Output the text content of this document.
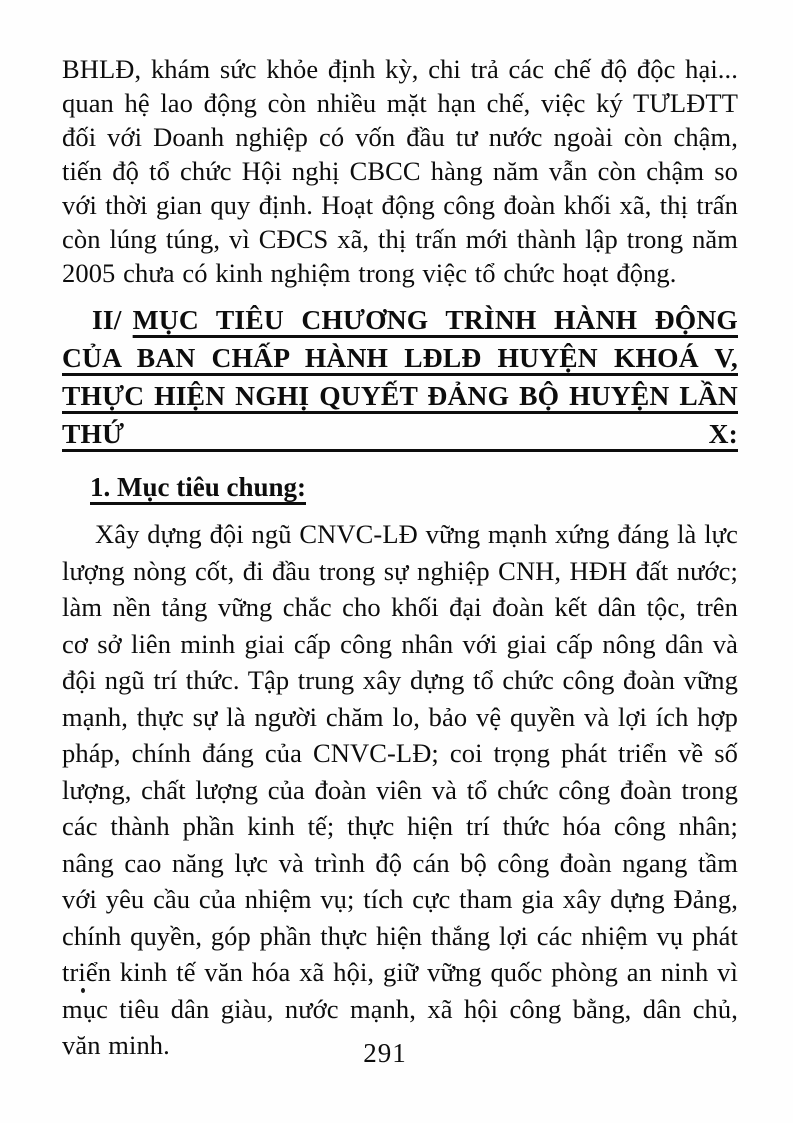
BHLĐ, khám sức khỏe định kỳ, chi trả các chế độ độc hại... quan hệ lao động còn nhiều mặt hạn chế, việc ký TƯLĐTT đối với Doanh nghiệp có vốn đầu tư nước ngoài còn chậm, tiến độ tổ chức Hội nghị CBCC hàng năm vẫn còn chậm so với thời gian quy định. Hoạt động công đoàn khối xã, thị trấn còn lúng túng, vì CĐCS xã, thị trấn mới thành lập trong năm 2005 chưa có kinh nghiệm trong việc tổ chức hoạt động.

II/ MỤC TIÊU CHƯƠNG TRÌNH HÀNH ĐỘNG CỦA BAN CHẤP HÀNH LĐLĐ HUYỆN KHOÁ V, THỰC HIỆN NGHỊ QUYẾT ĐẢNG BỘ HUYỆN LẦN THỨ X:
1. Mục tiêu chung:

Xây dựng đội ngũ CNVC-LĐ vững mạnh xứng đáng là lực lượng nòng cốt, đi đầu trong sự nghiệp CNH, HĐH đất nước; làm nền tảng vững chắc cho khối đại đoàn kết dân tộc, trên cơ sở liên minh giai cấp công nhân với giai cấp nông dân và đội ngũ trí thức. Tập trung xây dựng tổ chức công đoàn vững mạnh, thực sự là người chăm lo, bảo vệ quyền và lợi ích hợp pháp, chính đáng của CNVC-LĐ; coi trọng phát triển về số lượng, chất lượng của đoàn viên và tổ chức công đoàn trong các thành phần kinh tế; thực hiện trí thức hóa công nhân; nâng cao năng lực và trình độ cán bộ công đoàn ngang tầm với yêu cầu của nhiệm vụ; tích cực tham gia xây dựng Đảng, chính quyền, góp phần thực hiện thắng lợi các nhiệm vụ phát triển kinh tế văn hóa xã hội, giữ vững quốc phòng an ninh vì mục tiêu dân giàu, nước mạnh, xã hội công bằng, dân chủ, văn minh.	291
